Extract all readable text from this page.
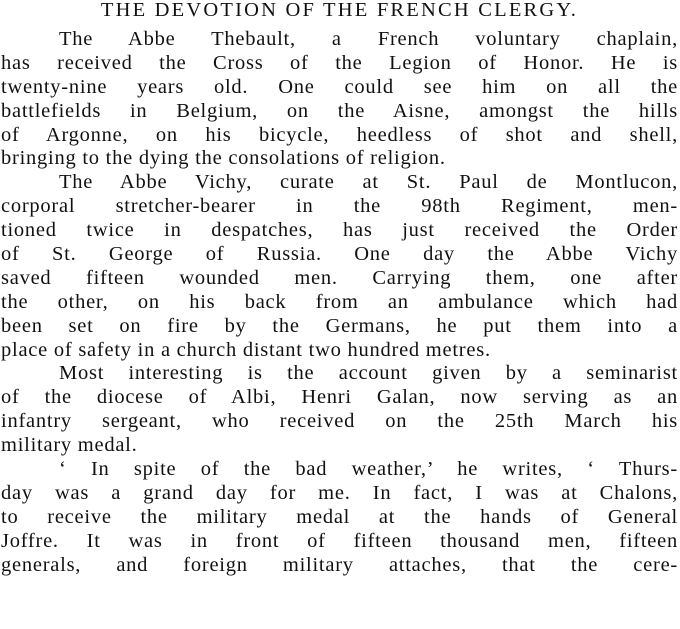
THE DEVOTION OF THE FRENCH CLERGY.
The Abbe Thebault, a French voluntary chaplain,
has received the Cross of the Legion of Honor. He is
twenty-nine years old. One could see him on all the
battlefields in Belgium, on the Aisne, amongst the hills
of Argonne, on his bicycle, heedless of shot and shell,
bringing to the dying the consolations of religion.
The Abbe Vichy, curate at St. Paul de Montlucon,
corporal stretcher-bearer in the 98th Regiment, men-
tioned twice in despatches, has just received the Order
of St. George of Russia. One day the Abbe Vichy
saved fifteen wounded men. Carrying them, one after
the other, on his back from an ambulance which had
been set on fire by the Germans, he put them into a
place of safety in a church distant two hundred metres.
Most interesting is the account given by a seminarist
of the diocese of Albi, Henri Galan, now serving as an
infantry sergeant, who received on the 25th March his
military medal.
‘ In spite of the bad weather,’ he writes, ‘ Thurs-
day was a grand day for me. In fact, I was at Chalons,
to receive the military medal at the hands of General
Joffre. It was in front of fifteen thousand men, fifteen
generals, and foreign military attaches, that the cere-
